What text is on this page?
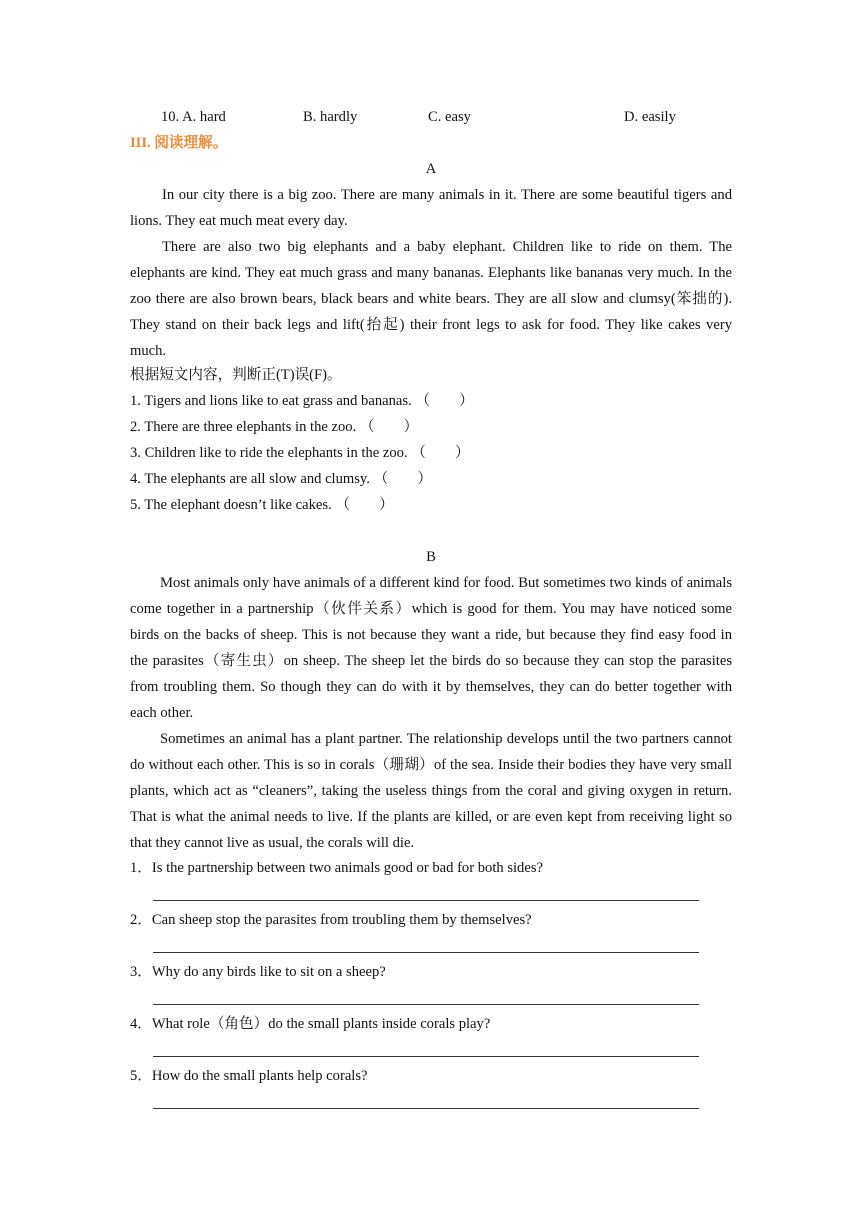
10. A. hard	B. hardly	C. easy	D. easily
III. 阅读理解。
A
In our city there is a big zoo. There are many animals in it. There are some beautiful tigers and lions. They eat much meat every day.
There are also two big elephants and a baby elephant. Children like to ride on them. The elephants are kind. They eat much grass and many bananas. Elephants like bananas very much. In the zoo there are also brown bears, black bears and white bears. They are all slow and clumsy(笨拙的). They stand on their back legs and lift(抬起) their front legs to ask for food. They like cakes very much.
根据短文内容，判断正(T)误(F)。
1. Tigers and lions like to eat grass and bananas. （　　）
2. There are three elephants in the zoo. （　　）
3. Children like to ride the elephants in the zoo. （　　）
4. The elephants are all slow and clumsy. （　　）
5. The elephant doesn’t like cakes. （　　）
B
Most animals only have animals of a different kind for food. But sometimes two kinds of animals come together in a partnership（伙伴关系）which is good for them. You may have noticed some birds on the backs of sheep. This is not because they want a ride, but because they find easy food in the parasites（寄生虫）on sheep. The sheep let the birds do so because they can stop the parasites from troubling them. So though they can do with it by themselves, they can do better together with each other.
Sometimes an animal has a plant partner. The relationship develops until the two partners cannot do without each other. This is so in corals（珊瑚）of the sea. Inside their bodies they have very small plants, which act as “cleaners”, taking the useless things from the coral and giving oxygen in return. That is what the animal needs to live. If the plants are killed, or are even kept from receiving light so that they cannot live as usual, the corals will die.
1．Is the partnership between two animals good or bad for both sides?
2．Can sheep stop the parasites from troubling them by themselves?
3．Why do any birds like to sit on a sheep?
4．What role（角色）do the small plants inside corals play?
5．How do the small plants help corals?
